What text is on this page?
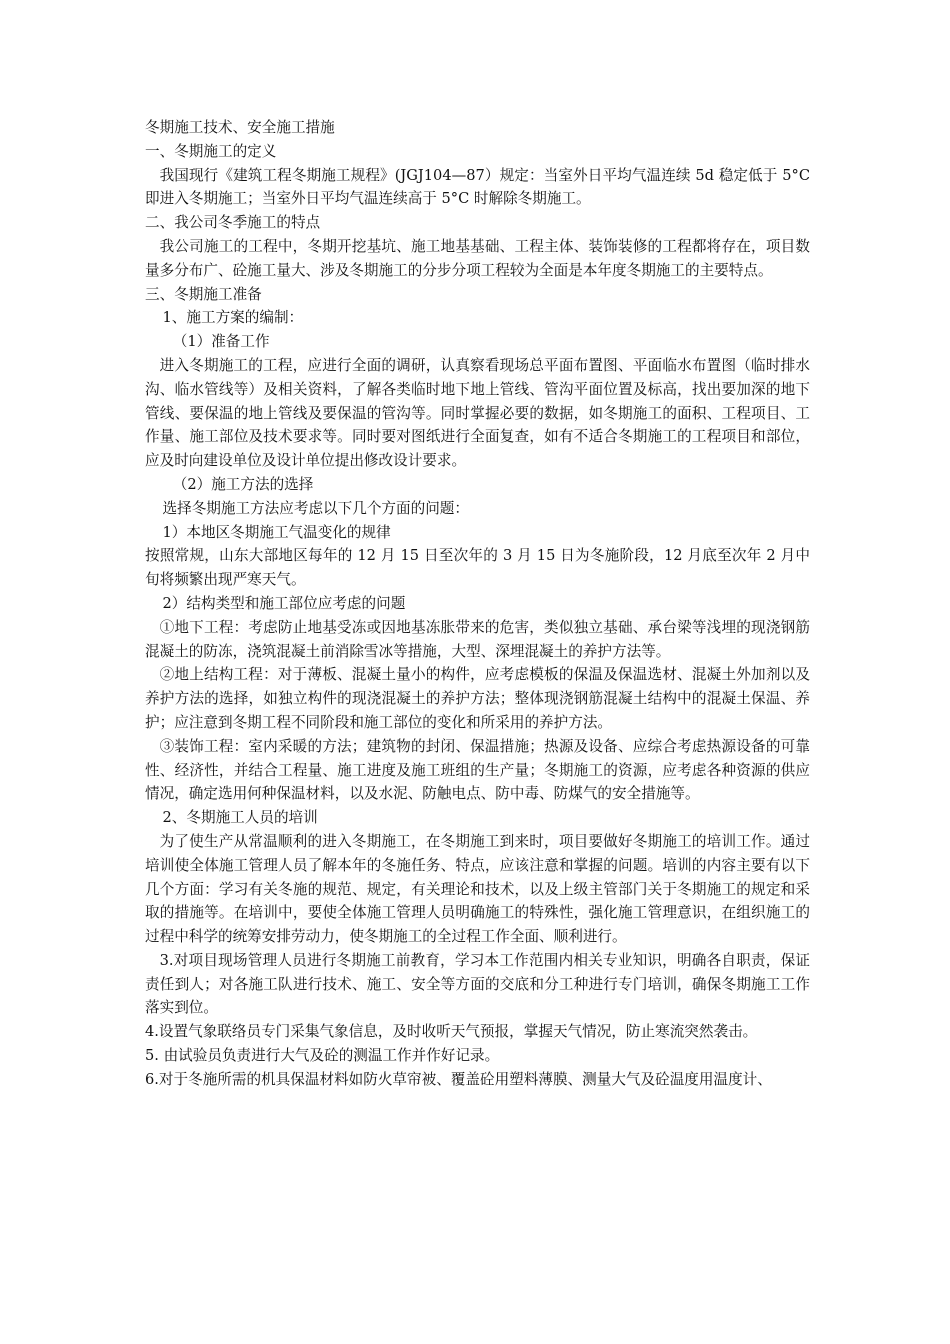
冬期施工技术、安全施工措施

一、冬期施工的定义

我国现行《建筑工程冬期施工规程》(JGJ104—87）规定：当室外日平均气温连续 5d 稳定低于 5°C 即进入冬期施工；当室外日平均气温连续高于 5°C 时解除冬期施工。

二、我公司冬季施工的特点

我公司施工的工程中，冬期开挖基坑、施工地基基础、工程主体、装饰装修的工程都将存在，项目数量多分布广、砼施工量大、涉及冬期施工的分步分项工程较为全面是本年度冬期施工的主要特点。

三、冬期施工准备

1、施工方案的编制：

（1）准备工作

进入冬期施工的工程，应进行全面的调研，认真察看现场总平面布置图、平面临水布置图（临时排水沟、临水管线等）及相关资料，了解各类临时地下地上管线、管沟平面位置及标高，找出要加深的地下管线、要保温的地上管线及要保温的管沟等。同时掌握必要的数据，如冬期施工的面积、工程项目、工作量、施工部位及技术要求等。同时要对图纸进行全面复查，如有不适合冬期施工的工程项目和部位，应及时向建设单位及设计单位提出修改设计要求。

（2）施工方法的选择

选择冬期施工方法应考虑以下几个方面的问题：

1）本地区冬期施工气温变化的规律

按照常规，山东大部地区每年的 12 月 15 日至次年的 3 月 15 日为冬施阶段，12 月底至次年 2 月中旬将频繁出现严寒天气。

2）结构类型和施工部位应考虑的问题

①地下工程：考虑防止地基受冻或因地基冻胀带来的危害，类似独立基础、承台梁等浅埋的现浇钢筋混凝土的防冻，浇筑混凝土前消除雪冰等措施，大型、深埋混凝土的养护方法等。

②地上结构工程：对于薄板、混凝土量小的构件，应考虑模板的保温及保温选材、混凝土外加剂以及养护方法的选择，如独立构件的现浇混凝土的养护方法；整体现浇钢筋混凝土结构中的混凝土保温、养护；应注意到冬期工程不同阶段和施工部位的变化和所采用的养护方法。

③装饰工程：室内采暖的方法；建筑物的封闭、保温措施；热源及设备、应综合考虑热源设备的可靠性、经济性，并结合工程量、施工进度及施工班组的生产量；冬期施工的资源，应考虑各种资源的供应情况，确定选用何种保温材料，以及水泥、防触电点、防中毒、防煤气的安全措施等。

2、冬期施工人员的培训

为了使生产从常温顺利的进入冬期施工，在冬期施工到来时，项目要做好冬期施工的培训工作。通过培训使全体施工管理人员了解本年的冬施任务、特点，应该注意和掌握的问题。培训的内容主要有以下几个方面：学习有关冬施的规范、规定，有关理论和技术，以及上级主管部门关于冬期施工的规定和采取的措施等。在培训中，要使全体施工管理人员明确施工的特殊性，强化施工管理意识，在组织施工的过程中科学的统筹安排劳动力，使冬期施工的全过程工作全面、顺利进行。

3.对项目现场管理人员进行冬期施工前教育，学习本工作范围内相关专业知识，明确各自职责，保证责任到人；对各施工队进行技术、施工、安全等方面的交底和分工种进行专门培训，确保冬期施工工作落实到位。

4.设置气象联络员专门采集气象信息，及时收听天气预报，掌握天气情况，防止寒流突然袭击。

5. 由试验员负责进行大气及砼的测温工作并作好记录。

6.对于冬施所需的机具保温材料如防火草帘被、覆盖砼用塑料薄膜、测量大气及砼温度用温度计、
